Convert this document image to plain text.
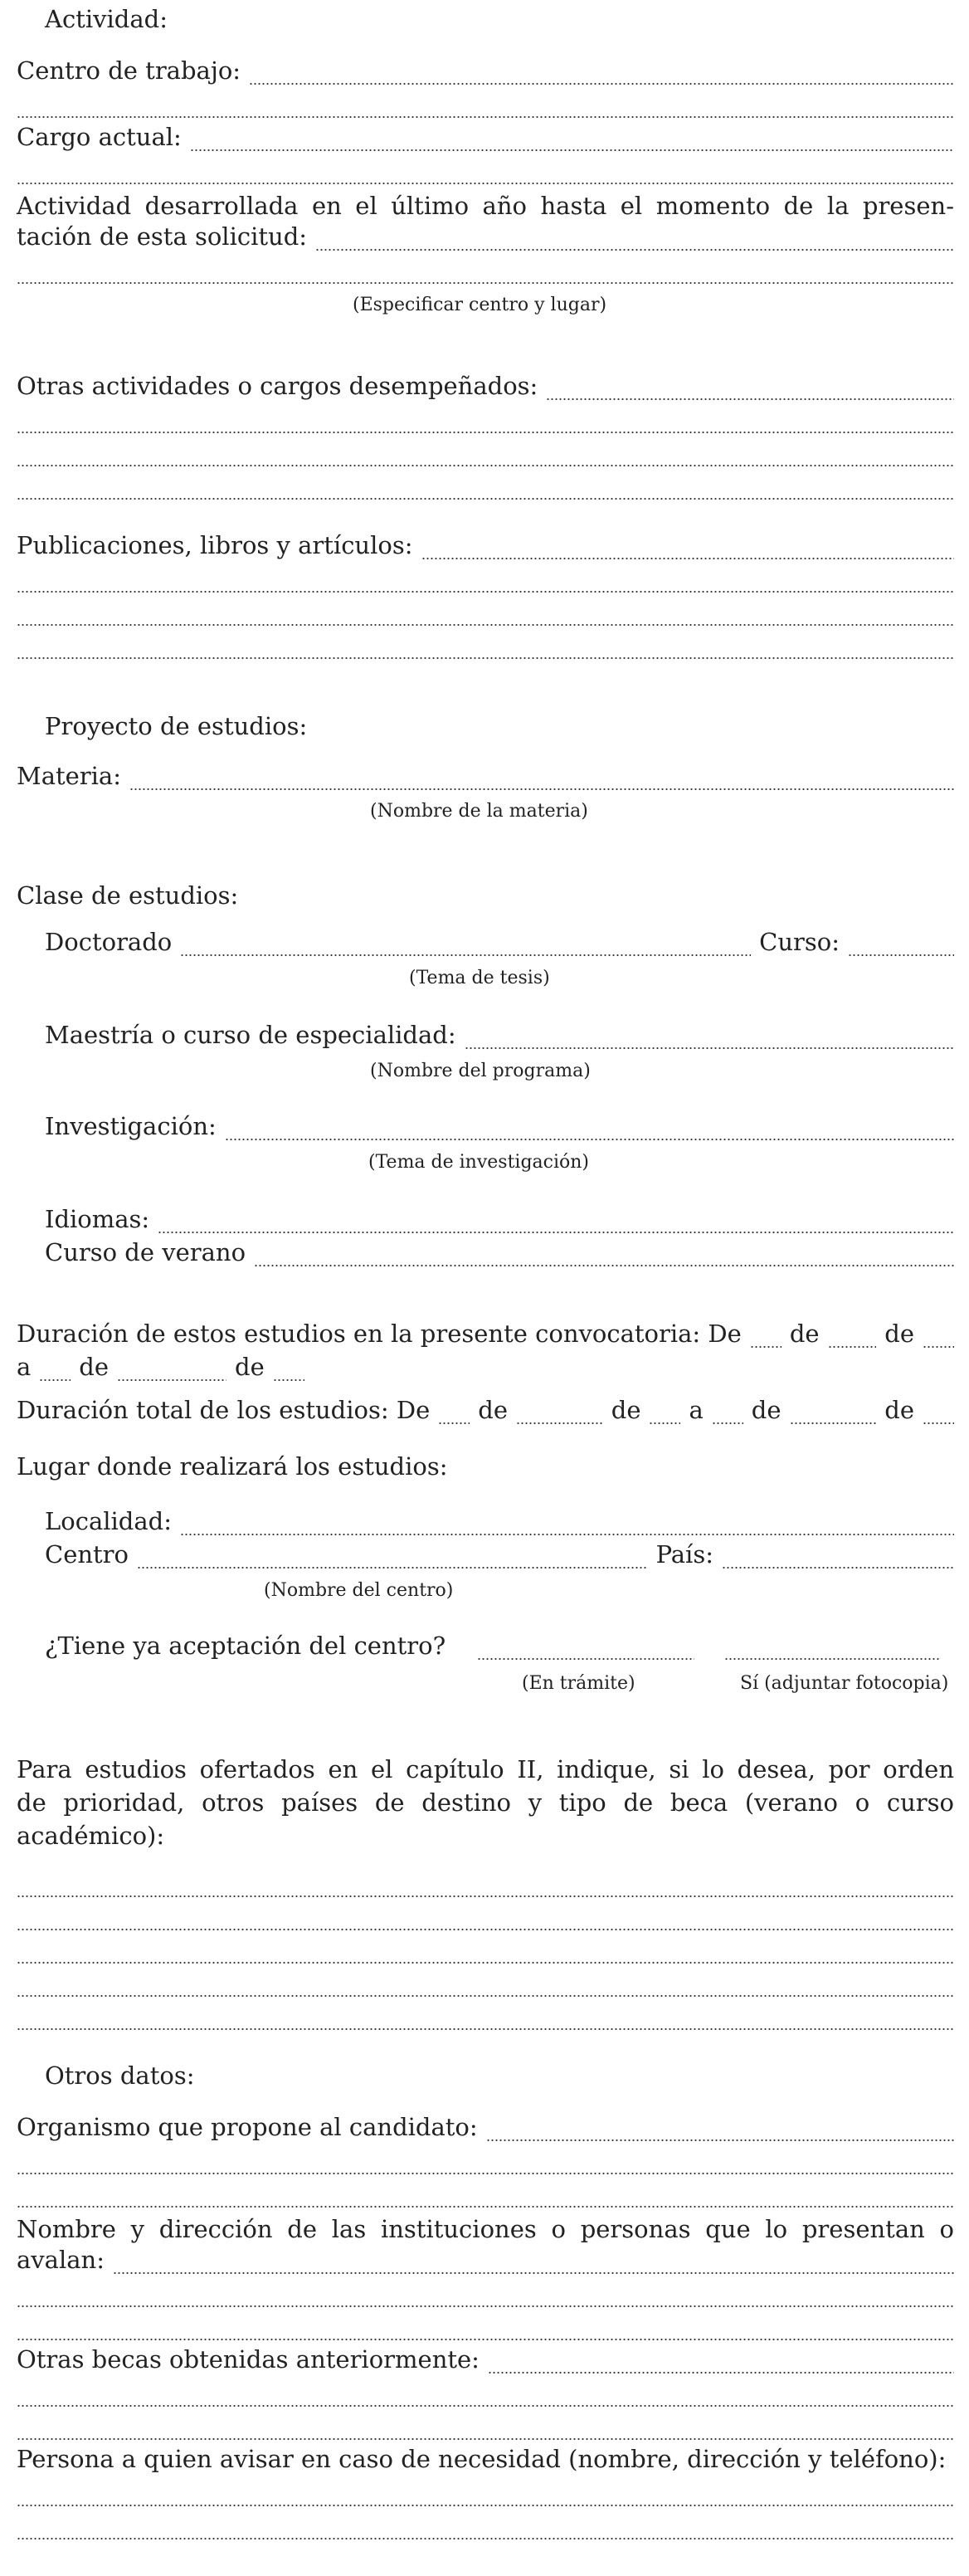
Actividad:
Centro de trabajo:
Cargo actual:
Actividad desarrollada en el último año hasta el momento de la presen-
tación de esta solicitud:
(Especificar centro y lugar)
Otras actividades o cargos desempeñados:
Publicaciones, libros y artículos:
Proyecto de estudios:
Materia:
(Nombre de la materia)
Clase de estudios:
Doctorado	Curso:
(Tema de tesis)
Maestría o curso de especialidad:
(Nombre del programa)
Investigación:
(Tema de investigación)
Idiomas:
Curso de verano
Duración de estos estudios en la presente convocatoria: De de	de
a de	de
Duración total de los estudios: De de	de a de	de
Lugar donde realizará los estudios:
Localidad:
Centro	País:
(Nombre del centro)
¿Tiene ya aceptación del centro?
(En trámite)	Sí (adjuntar fotocopia)
Para estudios ofertados en el capítulo II, indique, si lo desea, por orden
de prioridad, otros países de destino y tipo de beca (verano o curso
académico):
Otros datos:
Organismo que propone al candidato:
Nombre y dirección de las instituciones o personas que lo presentan o
avalan:
Otras becas obtenidas anteriormente:
Persona a quien avisar en caso de necesidad (nombre, dirección y teléfono):
